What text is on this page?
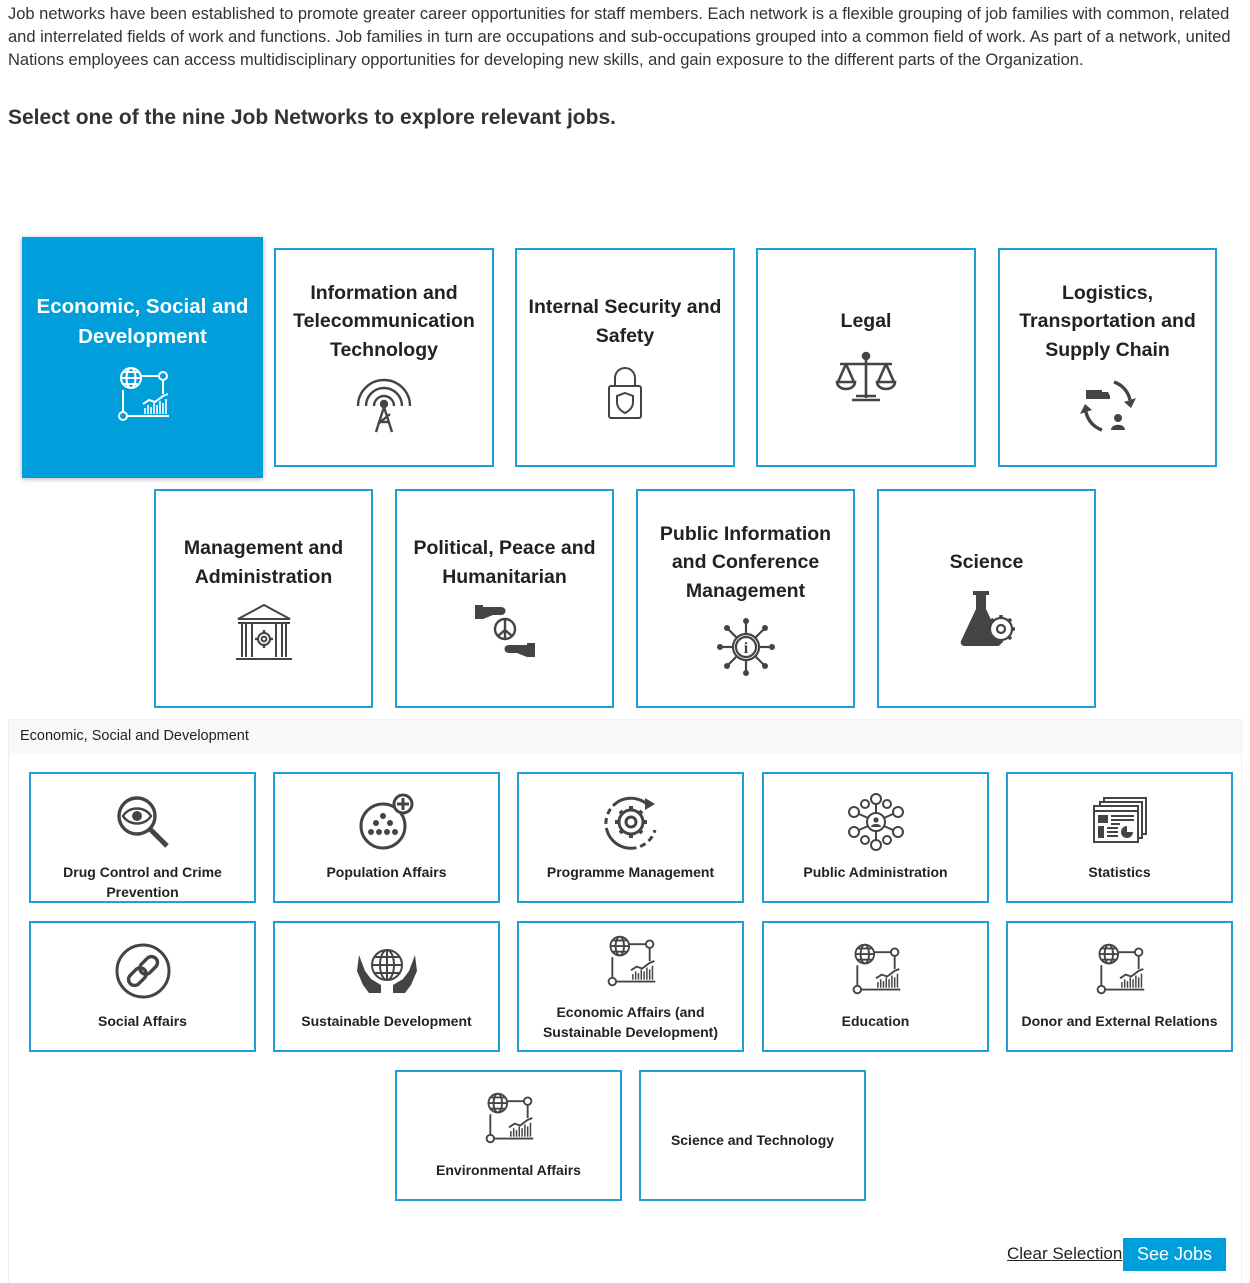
Job networks have been established to promote greater career opportunities for staff members. Each network is a flexible grouping of job families with common, related and interrelated fields of work and functions. Job families in turn are occupations and sub-occupations grouped into a common field of work. As part of a network, united Nations employees can access multidisciplinary opportunities for developing new skills, and gain exposure to the different parts of the Organization.

Select one of the nine Job Networks to explore relevant jobs.
Economic, Social and Development
Information and Telecommunication Technology
Internal Security and Safety
Legal
Logistics, Transportation and Supply Chain
Management and Administration
Political, Peace and Humanitarian
Public Information and Conference Management
i
Science
Economic, Social and Development
Drug Control and Crime Prevention
Population Affairs	Programme Management	Public Administration	Statistics
Social Affairs	Sustainable Development
Economic Affairs (and Sustainable Development)
Education	Donor and External Relations
Environmental Affairs
Science and Technology
Clear Selection See Jobs
